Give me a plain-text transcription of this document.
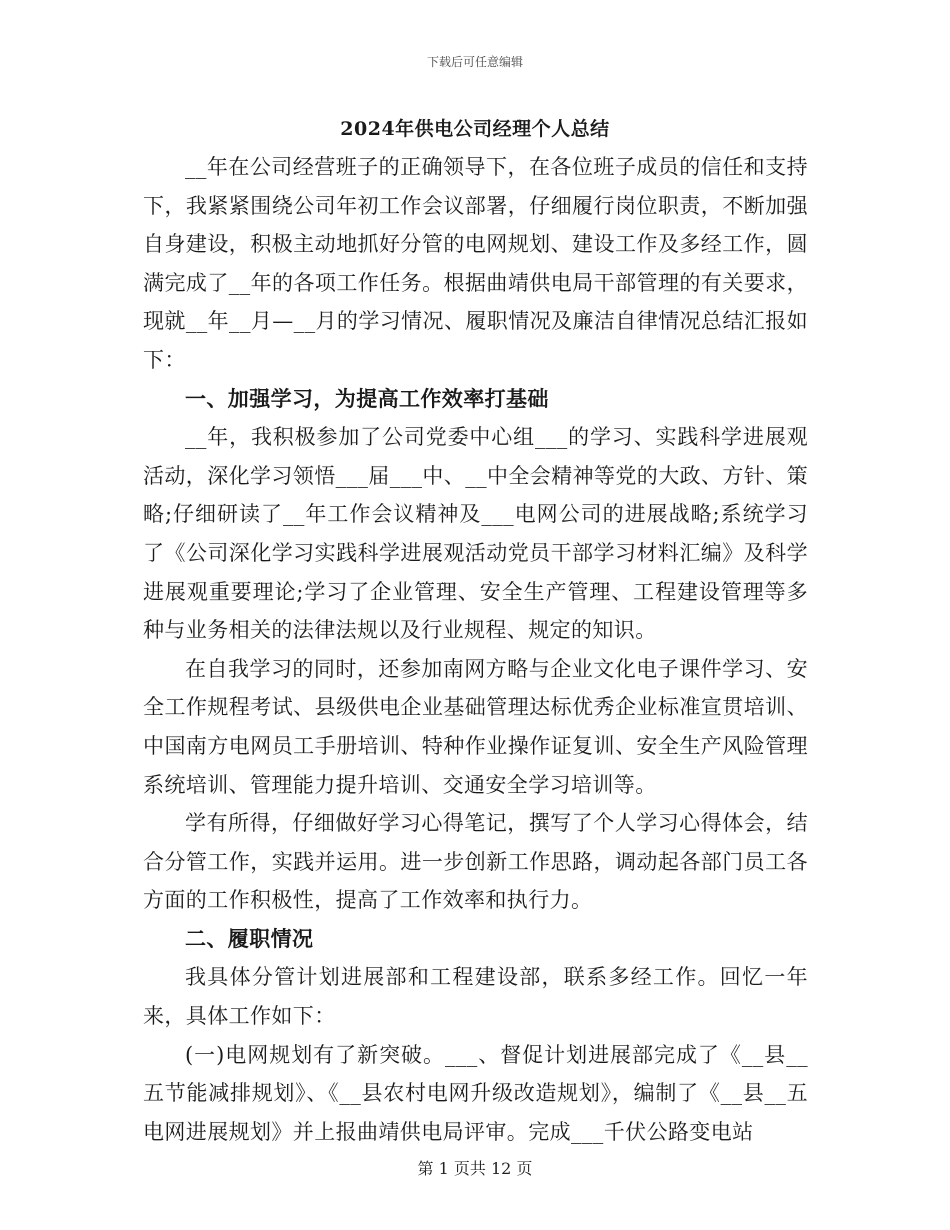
下载后可任意编辑
2024年供电公司经理个人总结

__年在公司经营班子的正确领导下，在各位班子成员的信任和支持下，我紧紧围绕公司年初工作会议部署，仔细履行岗位职责，不断加强自身建设，积极主动地抓好分管的电网规划、建设工作及多经工作，圆满完成了__年的各项工作任务。根据曲靖供电局干部管理的有关要求，现就__年__月—__月的学习情况、履职情况及廉洁自律情况总结汇报如下：

一、加强学习，为提高工作效率打基础

__年，我积极参加了公司党委中心组___的学习、实践科学进展观活动，深化学习领悟___届___中、__中全会精神等党的大政、方针、策略;仔细研读了__年工作会议精神及___电网公司的进展战略;系统学习了《公司深化学习实践科学进展观活动党员干部学习材料汇编》及科学进展观重要理论;学习了企业管理、安全生产管理、工程建设管理等多种与业务相关的法律法规以及行业规程、规定的知识。

在自我学习的同时，还参加南网方略与企业文化电子课件学习、安全工作规程考试、县级供电企业基础管理达标优秀企业标准宣贯培训、中国南方电网员工手册培训、特种作业操作证复训、安全生产风险管理系统培训、管理能力提升培训、交通安全学习培训等。

学有所得，仔细做好学习心得笔记，撰写了个人学习心得体会，结合分管工作，实践并运用。进一步创新工作思路，调动起各部门员工各方面的工作积极性，提高了工作效率和执行力。

二、履职情况

我具体分管计划进展部和工程建设部，联系多经工作。回忆一年来，具体工作如下：

(一)电网规划有了新突破。___、督促计划进展部完成了《__县__五节能减排规划》、《__县农村电网升级改造规划》，编制了《__县__五电网进展规划》并上报曲靖供电局评审。完成___千伏公路变电站

第 1 页共 12 页
